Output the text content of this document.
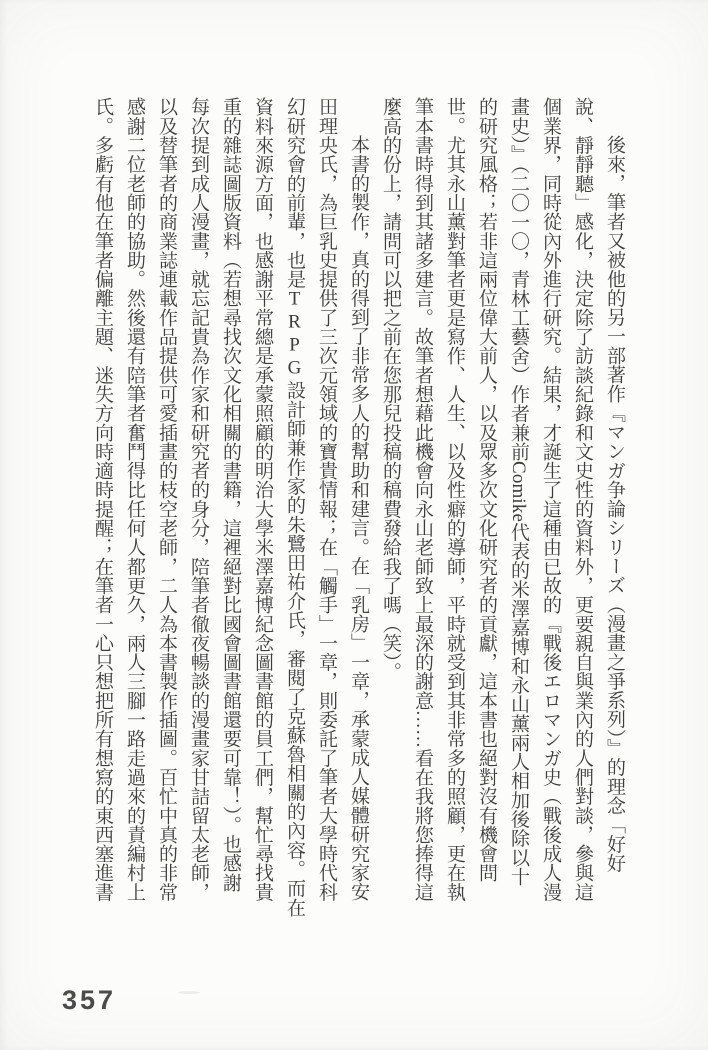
後來，筆者又被他的另一部著作『マンガ争論シリーズ（漫畫之爭系列）』的理念「好好

說、靜靜聽」感化，決定除了訪談紀錄和文史性的資料外，更要親自與業內的人們對談，參與這

個業界，同時從內外進行研究。結果，才誕生了這種由已故的『戰後エロマンガ史（戰後成人漫

畫史）』（二〇一〇，青林工藝舍）作者兼前Comike代表的米澤嘉博和永山薰兩人相加後除以十

的研究風格；若非這兩位偉大前人，以及眾多次文化研究者的貢獻，這本書也絕對沒有機會問

世。尤其永山薰對筆者更是寫作、人生、以及性癖的導師，平時就受到其非常多的照顧，更在執

筆本書時得到其諸多建言。故筆者想藉此機會向永山老師致上最深的謝意……看在我將您捧得這

麼高的份上，請問可以把之前在您那兒投稿的稿費發給我了嗎（笑）。

本書的製作，真的得到了非常多人的幫助和建言。在「乳房」一章，承蒙成人媒體研究家安

田理央氏，為巨乳史提供了三次元領域的寶貴情報；在「觸手」一章，則委託了筆者大學時代科

幻研究會的前輩，也是TRPG設計師兼作家的朱鷺田祐介氏，審閱了克蘇魯相關的內容。而在

資料來源方面，也感謝平常總是承蒙照顧的明治大學米澤嘉博紀念圖書館的員工們，幫忙尋找貴

重的雜誌圖版資料（若想尋找次文化相關的書籍，這裡絕對比國會圖書館還要可靠！）。也感謝

每次提到成人漫畫，就忘記貴為作家和研究者的身分，陪筆者徹夜暢談的漫畫家甘詰留太老師，

以及替筆者的商業誌連載作品提供可愛插畫的枝空老師，二人為本書製作插圖。百忙中真的非常

感謝二位老師的協助。然後還有陪筆者奮鬥得比任何人都更久，兩人三腳一路走過來的責編村上

氏。多虧有他在筆者偏離主題、迷失方向時適時提醒；在筆者一心只想把所有想寫的東西塞進書

357
